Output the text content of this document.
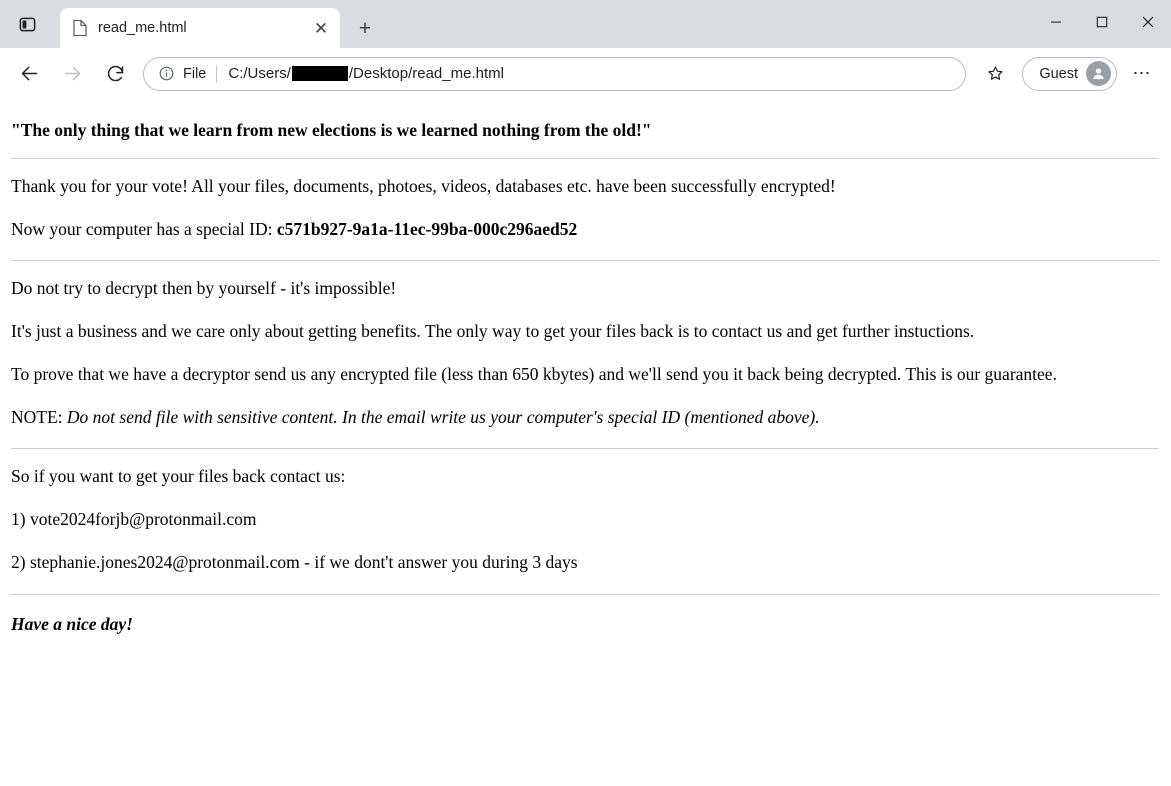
read_me.html	✕	+
File C:/Users/	/Desktop/read_me.html	Guest	⋯
"The only thing that we learn from new elections is we learned nothing from the old!"

Thank you for your vote! All your files, documents, photoes, videos, databases etc. have been successfully encrypted!

Now your computer has a special ID: c571b927-9a1a-11ec-99ba-000c296aed52

Do not try to decrypt then by yourself - it's impossible!

It's just a business and we care only about getting benefits. The only way to get your files back is to contact us and get further instuctions.

To prove that we have a decryptor send us any encrypted file (less than 650 kbytes) and we'll send you it back being decrypted. This is our guarantee.

NOTE: Do not send file with sensitive content. In the email write us your computer's special ID (mentioned above).

So if you want to get your files back contact us:

1) vote2024forjb@protonmail.com

2) stephanie.jones2024@protonmail.com - if we dont't answer you during 3 days

Have a nice day!
